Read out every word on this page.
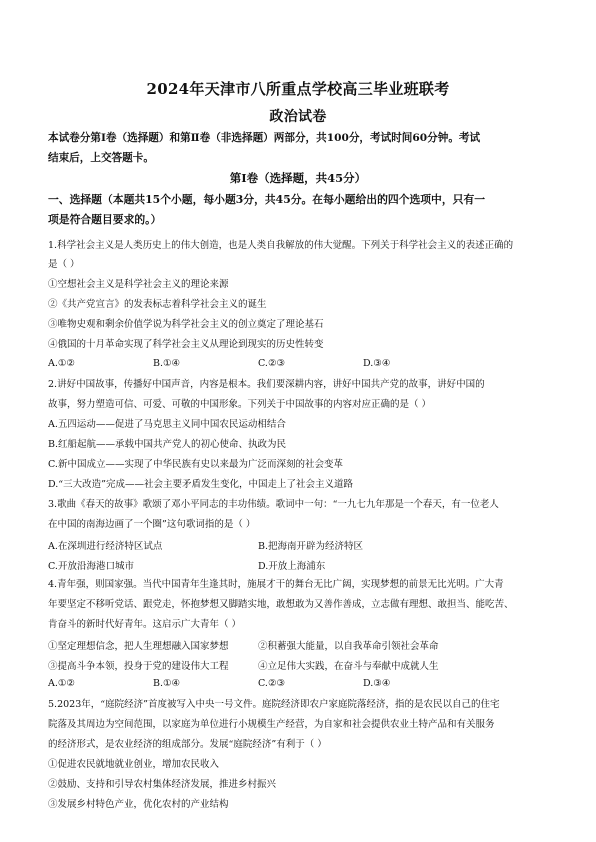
2024年天津市八所重点学校高三毕业班联考
政治试卷
本试卷分第Ⅰ卷（选择题）和第Ⅱ卷（非选择题）两部分，共100分，考试时间60分钟。考试
结束后，上交答题卡。
第Ⅰ卷（选择题，共45分）
一、选择题（本题共15个小题，每小题3分，共45分。在每小题给出的四个选项中，只有一
项是符合题目要求的。）
1.科学社会主义是人类历史上的伟大创造，也是人类自我解放的伟大觉醒。下列关于科学社会主义的表述正确的
是（ ）
①空想社会主义是科学社会主义的理论来源
②《共产党宣言》的发表标志着科学社会主义的诞生
③唯物史观和剩余价值学说为科学社会主义的创立奠定了理论基石
④俄国的十月革命实现了科学社会主义从理论到现实的历史性转变
A.①②	B.①④	C.②③	D.③④
2.讲好中国故事，传播好中国声音，内容是根本。我们要深耕内容，讲好中国共产党的故事，讲好中国的
故事，努力塑造可信、可爱、可敬的中国形象。下列关于中国故事的内容对应正确的是（ ）
A.五四运动——促进了马克思主义同中国农民运动相结合
B.红船起航——承载中国共产党人的初心使命、执政为民
C.新中国成立——实现了中华民族有史以来最为广泛而深刻的社会变革
D.“三大改造”完成——社会主要矛盾发生变化，中国走上了社会主义道路
3.歌曲《春天的故事》歌颂了邓小平同志的丰功伟绩。歌词中一句：“一九七九年那是一个春天，有一位老人
在中国的南海边画了一个圈”这句歌词指的是（ ）
A.在深圳进行经济特区试点	B.把海南开辟为经济特区
C.开放沿海港口城市	D.开放上海浦东
4.青年强，则国家强。当代中国青年生逢其时，施展才干的舞台无比广阔，实现梦想的前景无比光明。广大青
年要坚定不移听党话、跟党走，怀抱梦想又脚踏实地，敢想敢为又善作善成，立志做有理想、敢担当、能吃苦、
肯奋斗的新时代好青年。这启示广大青年（ ）
①坚定理想信念，把人生理想融入国家梦想	②积蓄强大能量，以自我革命引领社会革命
③提高斗争本领，投身于党的建设伟大工程	④立足伟大实践，在奋斗与奉献中成就人生
A.①②	B.①④	C.②③	D.③④
5.2023年，“庭院经济”首度被写入中央一号文件。庭院经济即农户家庭院落经济，指的是农民以自己的住宅
院落及其周边为空间范围，以家庭为单位进行小规模生产经营，为自家和社会提供农业土特产品和有关服务
的经济形式，是农业经济的组成部分。发展“庭院经济”有利于（ ）
①促进农民就地就业创业，增加农民收入
②鼓励、支持和引导农村集体经济发展，推进乡村振兴
③发展乡村特色产业，优化农村的产业结构
